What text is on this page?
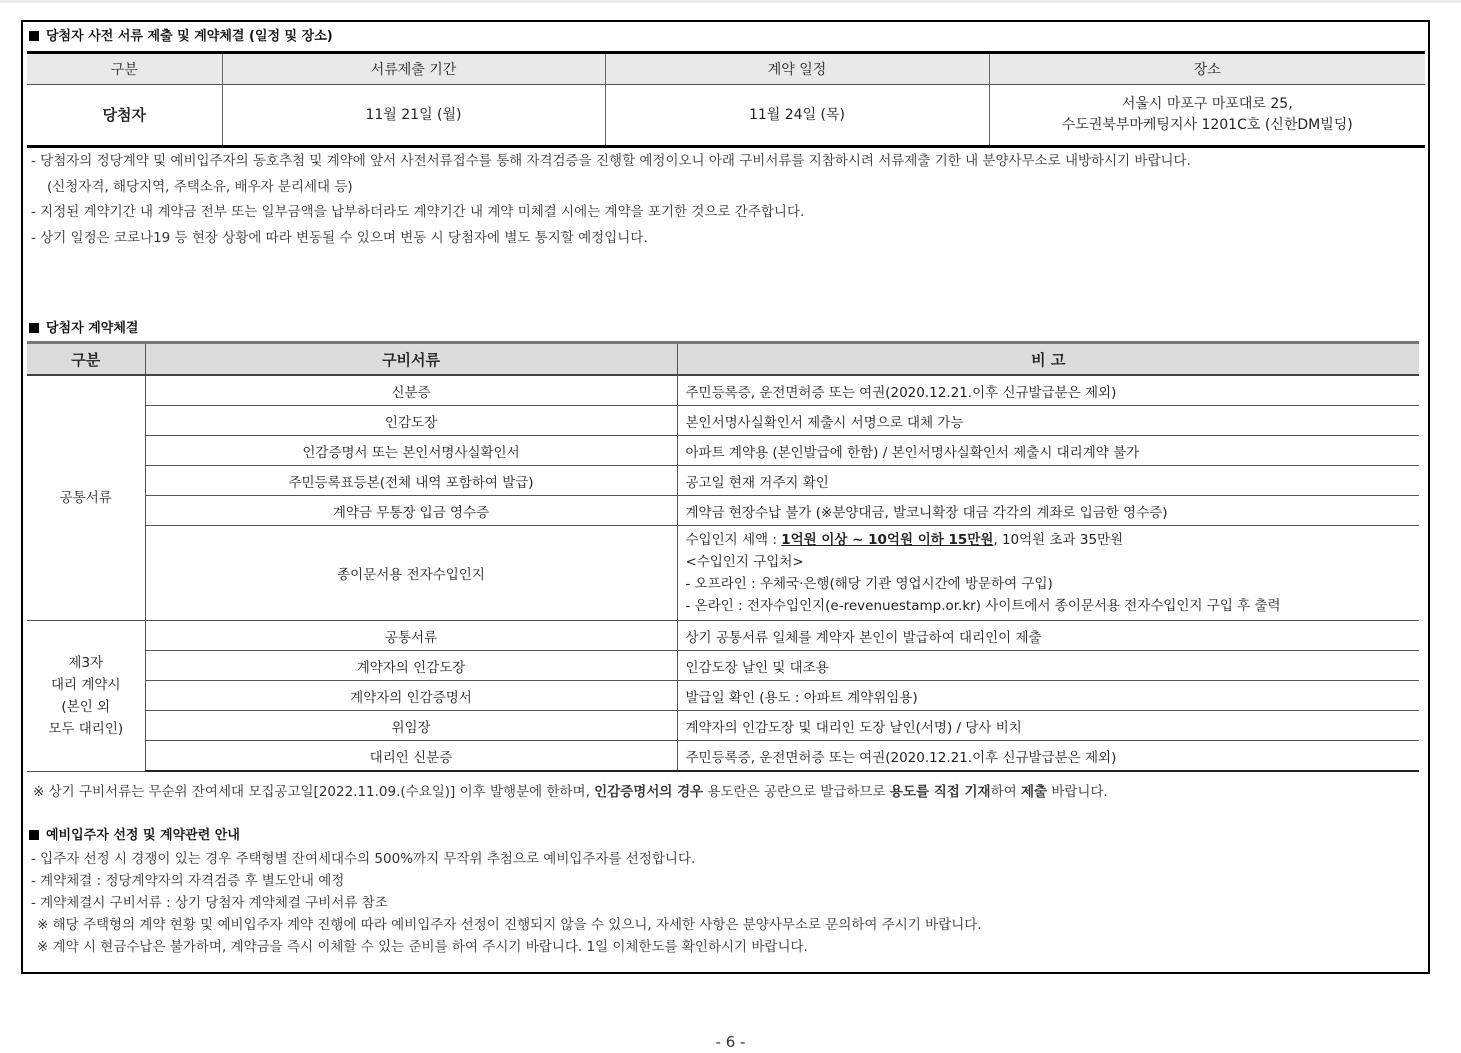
당첨자 사전 서류 제출 및 계약체결 (일정 및 장소)
구분	서류제출 기간	계약 일정	장소
당첨자	11월 21일 (월)	11월 24일 (목)	서울시 마포구 마포대로 25,
수도권북부마케팅지사 1201C호 (신한DM빌딩)
- 당첨자의 정당계약 및 예비입주자의 동호추첨 및 계약에 앞서 사전서류접수를 통해 자격검증을 진행할 예정이오니 아래 구비서류를 지참하시려 서류제출 기한 내 분양사무소로 내방하시기 바랍니다.
(신청자격, 해당지역, 주택소유, 배우자 분리세대 등)
- 지정된 계약기간 내 계약금 전부 또는 일부금액을 납부하더라도 계약기간 내 계약 미체결 시에는 계약을 포기한 것으로 간주합니다.
- 상기 일정은 코로나19 등 현장 상황에 따라 변동될 수 있으며 변동 시 당첨자에 별도 통지할 예정입니다.
당첨자 계약체결
구분	구비서류	비 고
공통서류	신분증	주민등록증, 운전면허증 또는 여권(2020.12.21.이후 신규발급분은 제외)
	인감도장	본인서명사실확인서 제출시 서명으로 대체 가능
	인감증명서 또는 본인서명사실확인서	아파트 계약용 (본인발급에 한함) / 본인서명사실확인서 제출시 대리계약 불가
	주민등록표등본(전체 내역 포함하여 발급)	공고일 현재 거주지 확인
	계약금 무통장 입금 영수증	계약금 현장수납 불가 (※분양대금, 발코니확장 대금 각각의 계좌로 입금한 영수증)
	종이문서용 전자수입인지	수입인지 세액 : 1억원 이상 ~ 10억원 이하 15만원, 10억원 초과 35만원
<수입인지 구입처>
- 오프라인 : 우체국·은행(해당 기관 영업시간에 방문하여 구입)
- 온라인 : 전자수입인지(e-revenuestamp.or.kr) 사이트에서 종이문서용 전자수입인지 구입 후 출력

제3자
대리 계약시
(본인 외
모두 대리인)	공통서류	상기 공통서류 일체를 계약자 본인이 발급하여 대리인이 제출
	계약자의 인감도장	인감도장 날인 및 대조용
	계약자의 인감증명서	발급일 확인 (용도 : 아파트 계약위임용)
	위임장	계약자의 인감도장 및 대리인 도장 날인(서명) / 당사 비치
	대리인 신분증	주민등록증, 운전면허증 또는 여권(2020.12.21.이후 신규발급분은 제외)
※ 상기 구비서류는 무순위 잔여세대 모집공고일[2022.11.09.(수요일)] 이후 발행분에 한하며, 인감증명서의 경우 용도란은 공란으로 발급하므로 용도를 직접 기재하여 제출 바랍니다.
예비입주자 선정 및 계약관련 안내
- 입주자 선정 시 경쟁이 있는 경우 주택형별 잔여세대수의 500%까지 무작위 추첨으로 예비입주자를 선정합니다.
- 계약체결 : 정당계약자의 자격검증 후 별도안내 예정
- 계약체결시 구비서류 : 상기 당첨자 계약체결 구비서류 참조
※ 해당 주택형의 계약 현황 및 예비입주자 계약 진행에 따라 예비입주자 선정이 진행되지 않을 수 있으니, 자세한 사항은 분양사무소로 문의하여 주시기 바랍니다.
※ 계약 시 현금수납은 불가하며, 계약금을 즉시 이체할 수 있는 준비를 하여 주시기 바랍니다. 1일 이체한도를 확인하시기 바랍니다.
- 6 -
